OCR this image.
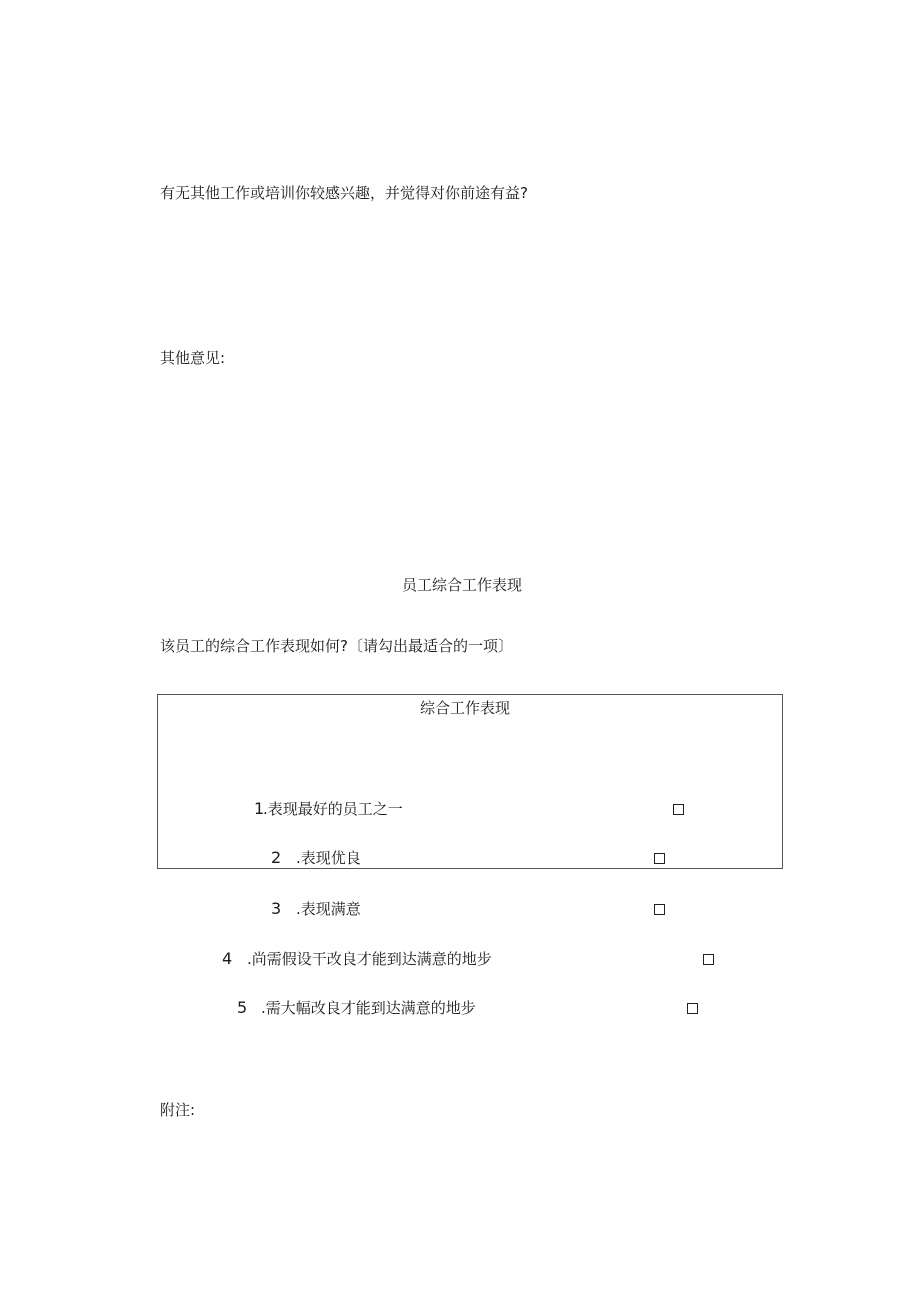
有无其他工作或培训你较感兴趣，并觉得对你前途有益?
其他意见:
员工综合工作表现
该员工的综合工作表现如何?〔请勾出最适合的一项〕
综合工作表现
1
.表现最好的员工之一
2 .表现优良
3 .表现满意
4 .尚需假设干改良才能到达满意的地步
5 .需大幅改良才能到达满意的地步
附注:
